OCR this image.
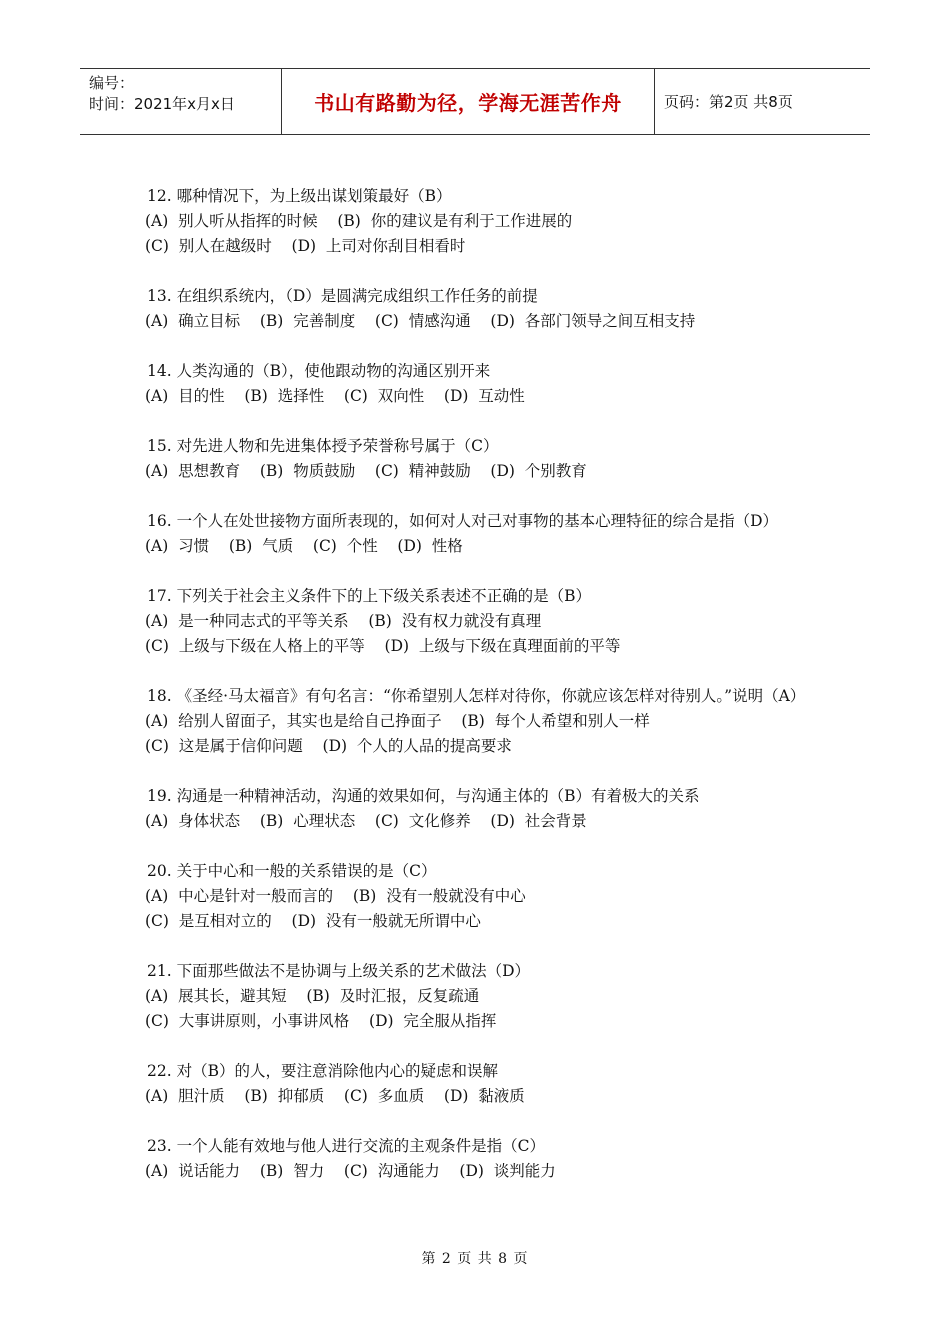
编号：
时间：2021年x月x日	书山有路勤为径，学海无涯苦作舟	页码：第2页 共8页
12. 哪种情况下，为上级出谋划策最好（B）
(A)  别人听从指挥的时候    (B)  你的建议是有利于工作进展的
(C)  别人在越级时    (D)  上司对你刮目相看时
13. 在组织系统内，（D）是圆满完成组织工作任务的前提
(A)  确立目标    (B)  完善制度    (C)  情感沟通    (D)  各部门领导之间互相支持
14. 人类沟通的（B），使他跟动物的沟通区别开来
(A)  目的性    (B)  选择性    (C)  双向性    (D)  互动性
15. 对先进人物和先进集体授予荣誉称号属于（C）
(A)  思想教育    (B)  物质鼓励    (C)  精神鼓励    (D)  个别教育
16. 一个人在处世接物方面所表现的，如何对人对己对事物的基本心理特征的综合是指（D）
(A)  习惯    (B)  气质    (C)  个性    (D)  性格
17. 下列关于社会主义条件下的上下级关系表述不正确的是（B）
(A)  是一种同志式的平等关系    (B)  没有权力就没有真理
(C)  上级与下级在人格上的平等    (D)  上级与下级在真理面前的平等
18. 《圣经·马太福音》有句名言：“你希望别人怎样对待你，你就应该怎样对待别人。”说明（A）
(A)  给别人留面子，其实也是给自己挣面子    (B)  每个人希望和别人一样
(C)  这是属于信仰问题    (D)  个人的人品的提高要求
19. 沟通是一种精神活动，沟通的效果如何，与沟通主体的（B）有着极大的关系
(A)  身体状态    (B)  心理状态    (C)  文化修养    (D)  社会背景
20. 关于中心和一般的关系错误的是（C）
(A)  中心是针对一般而言的    (B)  没有一般就没有中心
(C)  是互相对立的    (D)  没有一般就无所谓中心
21. 下面那些做法不是协调与上级关系的艺术做法（D）
(A)  展其长，避其短    (B)  及时汇报，反复疏通
(C)  大事讲原则，小事讲风格    (D)  完全服从指挥
22. 对（B）的人，要注意消除他内心的疑虑和误解
(A)  胆汁质    (B)  抑郁质    (C)  多血质    (D)  黏液质
23. 一个人能有效地与他人进行交流的主观条件是指（C）
(A)  说话能力    (B)  智力    (C)  沟通能力    (D)  谈判能力
第 2 页 共 8 页
